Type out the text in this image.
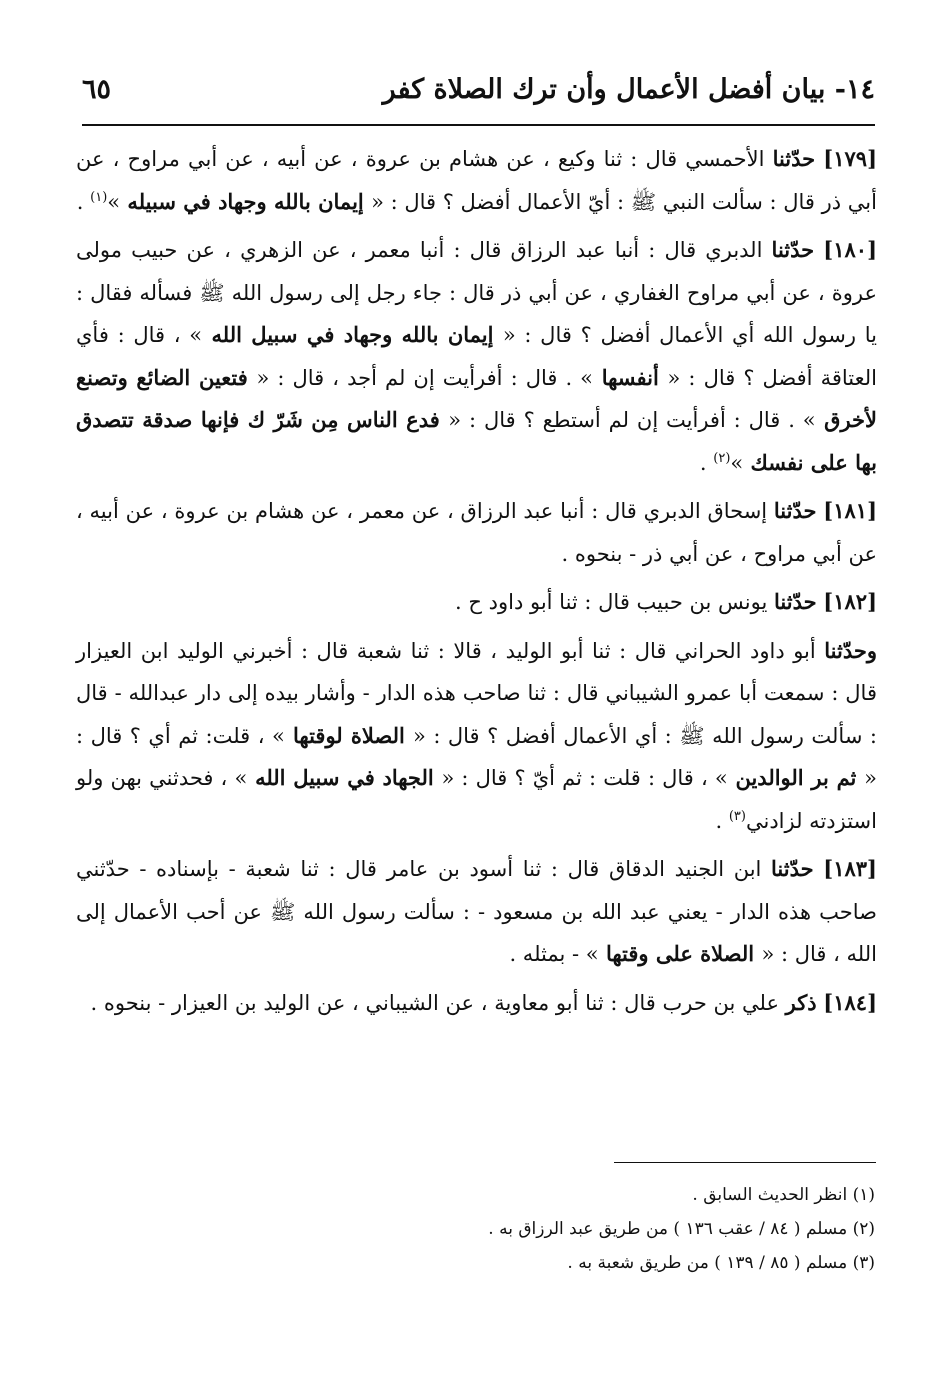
١٤- بيان أفضل الأعمال وأن ترك الصلاة كفر
٦٥

[١٧٩] حدّثنا الأحمسي قال : ثنا وكيع ، عن هشام بن عروة ، عن أبيه ، عن أبي مراوح ، عن أبي ذر قال : سألت النبي ﷺ : أيّ الأعمال أفضل ؟ قال : « إيمان بالله وجهاد في سبيله »$^{(١)}$ .

[١٨٠] حدّثنا الدبري قال : أنبا عبد الرزاق قال : أنبا معمر ، عن الزهري ، عن حبيب مولى عروة ، عن أبي مراوح الغفاري ، عن أبي ذر قال : جاء رجل إلى رسول الله ﷺ فسأله فقال : يا رسول الله أي الأعمال أفضل ؟ قال : « إيمان بالله وجهاد في سبيل الله » ، قال : فأي العتاقة أفضل ؟ قال : « أنفسها » . قال : أفرأيت إن لم أجد ، قال : « فتعين الضائع وتصنع لأخرق » . قال : أفرأيت إن لم أستطع ؟ قال : « فدع الناس مِن شَرّ ك فإنها صدقة تتصدق بها على نفسك »$^{(٢)}$ .

[١٨١] حدّثنا إسحاق الدبري قال : أنبا عبد الرزاق ، عن معمر ، عن هشام بن عروة ، عن أبيه ، عن أبي مراوح ، عن أبي ذر - بنحوه .

[١٨٢] حدّثنا يونس بن حبيب قال : ثنا أبو داود ح .

وحدّثنا أبو داود الحراني قال : ثنا أبو الوليد ، قالا : ثنا شعبة قال : أخبرني الوليد ابن العيزار قال : سمعت أبا عمرو الشيباني قال : ثنا صاحب هذه الدار - وأشار بيده إلى دار عبدالله - قال : سألت رسول الله ﷺ : أي الأعمال أفضل ؟ قال : « الصلاة لوقتها » ، قلت: ثم أي ؟ قال : « ثم بر الوالدين » ، قال : قلت : ثم أيّ ؟ قال : « الجهاد في سبيل الله » ، فحدثني بهن ولو استزدته لزادني$^{(٣)}$ .

[١٨٣] حدّثنا ابن الجنيد الدقاق قال : ثنا أسود بن عامر قال : ثنا شعبة - بإسناده - حدّثني صاحب هذه الدار - يعني عبد الله بن مسعود - : سألت رسول الله ﷺ عن أحب الأعمال إلى الله ، قال : « الصلاة على وقتها » - بمثله .

[١٨٤] ذكر علي بن حرب قال : ثنا أبو معاوية ، عن الشيباني ، عن الوليد بن العيزار - بنحوه .

(١) انظر الحديث السابق .
(٢) مسلم ( ٨٤ / عقب ١٣٦ ) من طريق عبد الرزاق به .
(٣) مسلم ( ٨٥ / ١٣٩ ) من طريق شعبة به .
